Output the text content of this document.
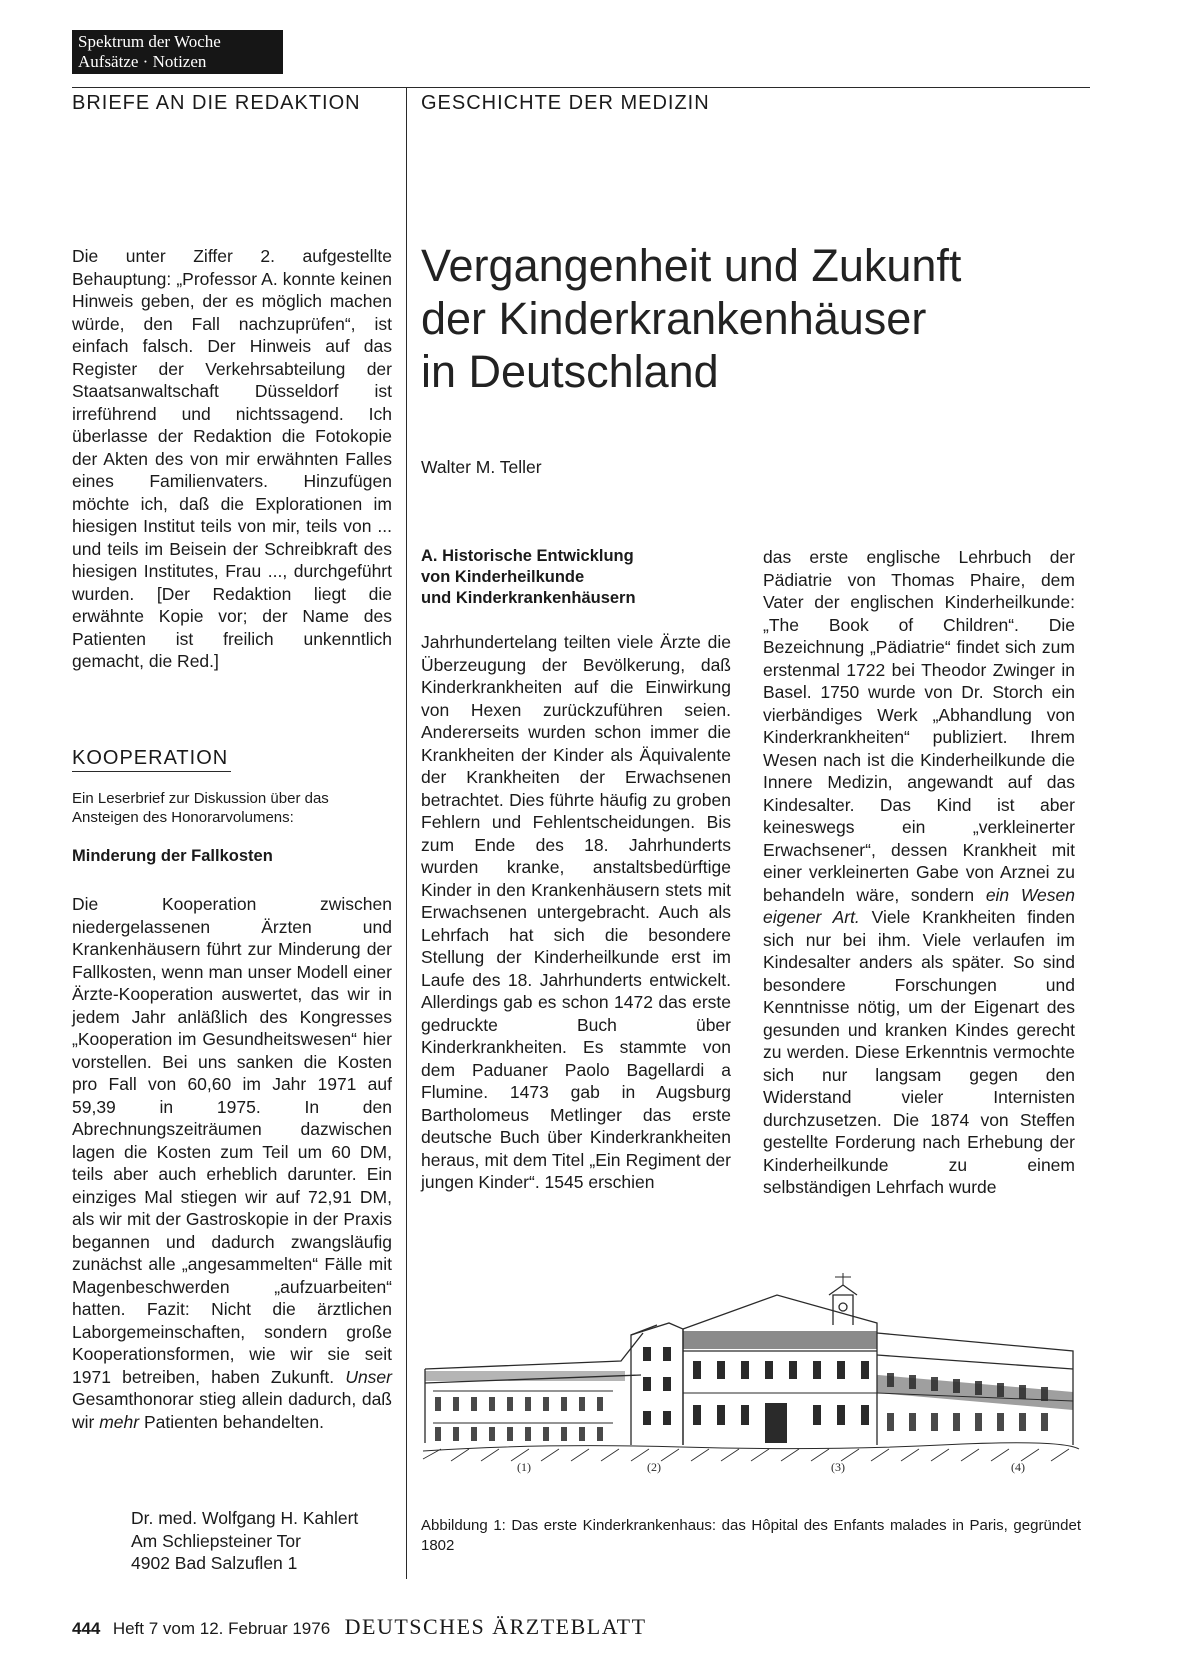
Spektrum der Woche
Aufsätze · Notizen
BRIEFE AN DIE REDAKTION	GESCHICHTE DER MEDIZIN

Die unter Ziffer 2. aufgestellte Behauptung: „Professor A. konnte keinen Hinweis geben, der es möglich machen würde, den Fall nachzuprüfen“, ist einfach falsch. Der Hinweis auf das Register der Verkehrsabteilung der Staatsanwaltschaft Düsseldorf ist irreführend und nichtssagend. Ich überlasse der Redaktion die Fotokopie der Akten des von mir erwähnten Falles eines Familienvaters. Hinzufügen möchte ich, daß die Explorationen im hiesigen Institut teils von mir, teils von ... und teils im Beisein der Schreibkraft des hiesigen Institutes, Frau ..., durchgeführt wurden. [Der Redaktion liegt die erwähnte Kopie vor; der Name des Patienten ist freilich unkenntlich gemacht, die Red.]

KOOPERATION
Ein Leserbrief zur Diskussion über das Ansteigen des Honorarvolumens:
Minderung der Fallkosten

Die Kooperation zwischen niedergelassenen Ärzten und Krankenhäusern führt zur Minderung der Fallkosten, wenn man unser Modell einer Ärzte-Kooperation auswertet, das wir in jedem Jahr anläßlich des Kongresses „Kooperation im Gesundheitswesen“ hier vorstellen. Bei uns sanken die Kosten pro Fall von 60,60 im Jahr 1971 auf 59,39 in 1975. In den Abrechnungszeiträumen dazwischen lagen die Kosten zum Teil um 60 DM, teils aber auch erheblich darunter. Ein einziges Mal stiegen wir auf 72,91 DM, als wir mit der Gastroskopie in der Praxis begannen und dadurch zwangsläufig zunächst alle „angesammelten“ Fälle mit Magenbeschwerden „aufzuarbeiten“ hatten. Fazit: Nicht die ärztlichen Laborgemeinschaften, sondern große Kooperationsformen, wie wir sie seit 1971 betreiben, haben Zukunft. Unser Gesamthonorar stieg allein dadurch, daß wir mehr Patienten behandelten.

Dr. med. Wolfgang H. Kahlert
Am Schliepsteiner Tor
4902 Bad Salzuflen 1
Vergangenheit und Zukunft
der Kinderkrankenhäuser
in Deutschland
Walter M. Teller
A. Historische Entwicklung
von Kinderheilkunde
und Kinderkrankenhäusern

Jahrhundertelang teilten viele Ärzte die Überzeugung der Bevölkerung, daß Kinderkrankheiten auf die Einwirkung von Hexen zurückzuführen seien. Andererseits wurden schon immer die Krankheiten der Kinder als Äquivalente der Krankheiten der Erwachsenen betrachtet. Dies führte häufig zu groben Fehlern und Fehlentscheidungen. Bis zum Ende des 18. Jahrhunderts wurden kranke, anstaltsbedürftige Kinder in den Krankenhäusern stets mit Erwachsenen untergebracht. Auch als Lehrfach hat sich die besondere Stellung der Kinderheilkunde erst im Laufe des 18. Jahrhunderts entwickelt. Allerdings gab es schon 1472 das erste gedruckte Buch über Kinderkrankheiten. Es stammte von dem Paduaner Paolo Bagellardi a Flumine. 1473 gab in Augsburg Bartholomeus Metlinger das erste deutsche Buch über Kinderkrankheiten heraus, mit dem Titel „Ein Regiment der jungen Kinder“. 1545 erschien

das erste englische Lehrbuch der Pädiatrie von Thomas Phaire, dem Vater der englischen Kinderheilkunde: „The Book of Children“. Die Bezeichnung „Pädiatrie“ findet sich zum erstenmal 1722 bei Theodor Zwinger in Basel. 1750 wurde von Dr. Storch ein vierbändiges Werk „Abhandlung von Kinderkrankheiten“ publiziert. Ihrem Wesen nach ist die Kinderheilkunde die Innere Medizin, angewandt auf das Kindesalter. Das Kind ist aber keineswegs ein „verkleinerter Erwachsener“, dessen Krankheit mit einer verkleinerten Gabe von Arznei zu behandeln wäre, sondern ein Wesen eigener Art. Viele Krankheiten finden sich nur bei ihm. Viele verlaufen im Kindesalter anders als später. So sind besondere Forschungen und Kenntnisse nötig, um der Eigenart des gesunden und kranken Kindes gerecht zu werden. Diese Erkenntnis vermochte sich nur langsam gegen den Widerstand vieler Internisten durchzusetzen. Die 1874 von Steffen gestellte Forderung nach Erhebung der Kinderheilkunde zu einem selbständigen Lehrfach wurde

(1)	(2)	(3)	(4)
Abbildung 1: Das erste Kinderkrankenhaus: das Hôpital des Enfants malades in Paris, gegründet 1802
444 Heft 7 vom 12. Februar 1976 DEUTSCHES ÄRZTEBLATT
